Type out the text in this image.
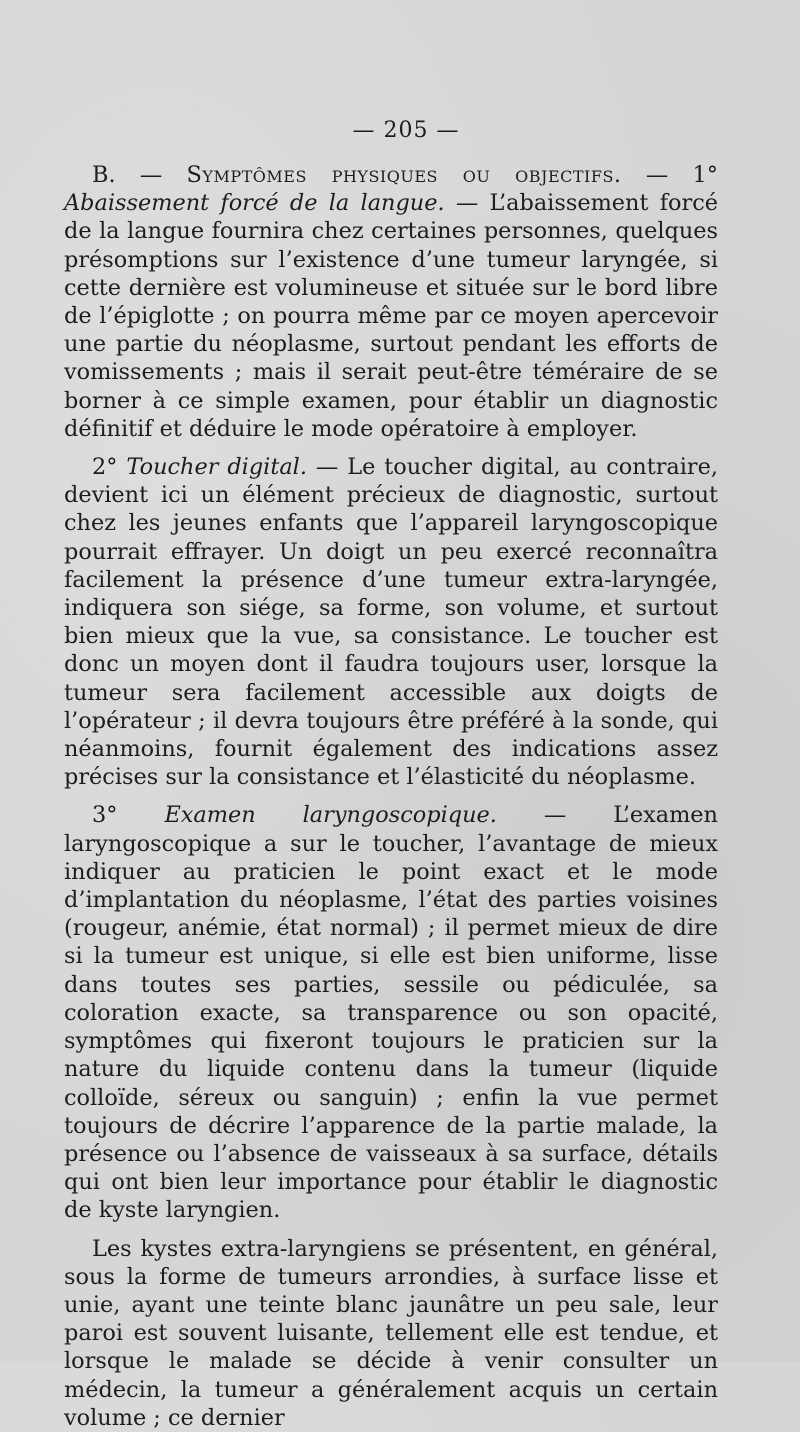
— 205 —

B. — Symptômes physiques ou objectifs. — 1° Abaissement forcé de la langue. — L’abaissement forcé de la langue fournira chez certaines personnes, quelques présomptions sur l’existence d’une tumeur laryngée, si cette dernière est volumineuse et située sur le bord libre de l’épiglotte ; on pourra même par ce moyen apercevoir une partie du néoplasme, surtout pendant les efforts de vomissements ; mais il serait peut-être téméraire de se borner à ce simple examen, pour établir un diagnostic définitif et déduire le mode opératoire à employer.

2° Toucher digital. — Le toucher digital, au contraire, devient ici un élément précieux de diagnostic, surtout chez les jeunes enfants que l’appareil laryngoscopique pourrait effrayer. Un doigt un peu exercé reconnaîtra facilement la présence d’une tumeur extra-laryngée, indiquera son siége, sa forme, son volume, et surtout bien mieux que la vue, sa consistance. Le toucher est donc un moyen dont il faudra toujours user, lorsque la tumeur sera facilement accessible aux doigts de l’opérateur ; il devra toujours être préféré à la sonde, qui néanmoins, fournit également des indications assez précises sur la consistance et l’élasticité du néoplasme.

3° Examen laryngoscopique. — L’examen laryngoscopique a sur le toucher, l’avantage de mieux indiquer au praticien le point exact et le mode d’implantation du néoplasme, l’état des parties voisines (rougeur, anémie, état normal) ; il permet mieux de dire si la tumeur est unique, si elle est bien uniforme, lisse dans toutes ses parties, sessile ou pédiculée, sa coloration exacte, sa transparence ou son opacité, symptômes qui fixeront toujours le praticien sur la nature du liquide contenu dans la tumeur (liquide colloïde, séreux ou sanguin) ; enfin la vue permet toujours de décrire l’apparence de la partie malade, la présence ou l’absence de vaisseaux à sa surface, détails qui ont bien leur importance pour établir le diagnostic de kyste laryngien.

Les kystes extra-laryngiens se présentent, en général, sous la forme de tumeurs arrondies, à surface lisse et unie, ayant une teinte blanc jaunâtre un peu sale, leur paroi est souvent luisante, tellement elle est tendue, et lorsque le malade se décide à venir consulter un médecin, la tumeur a généralement acquis un certain volume ; ce dernier
